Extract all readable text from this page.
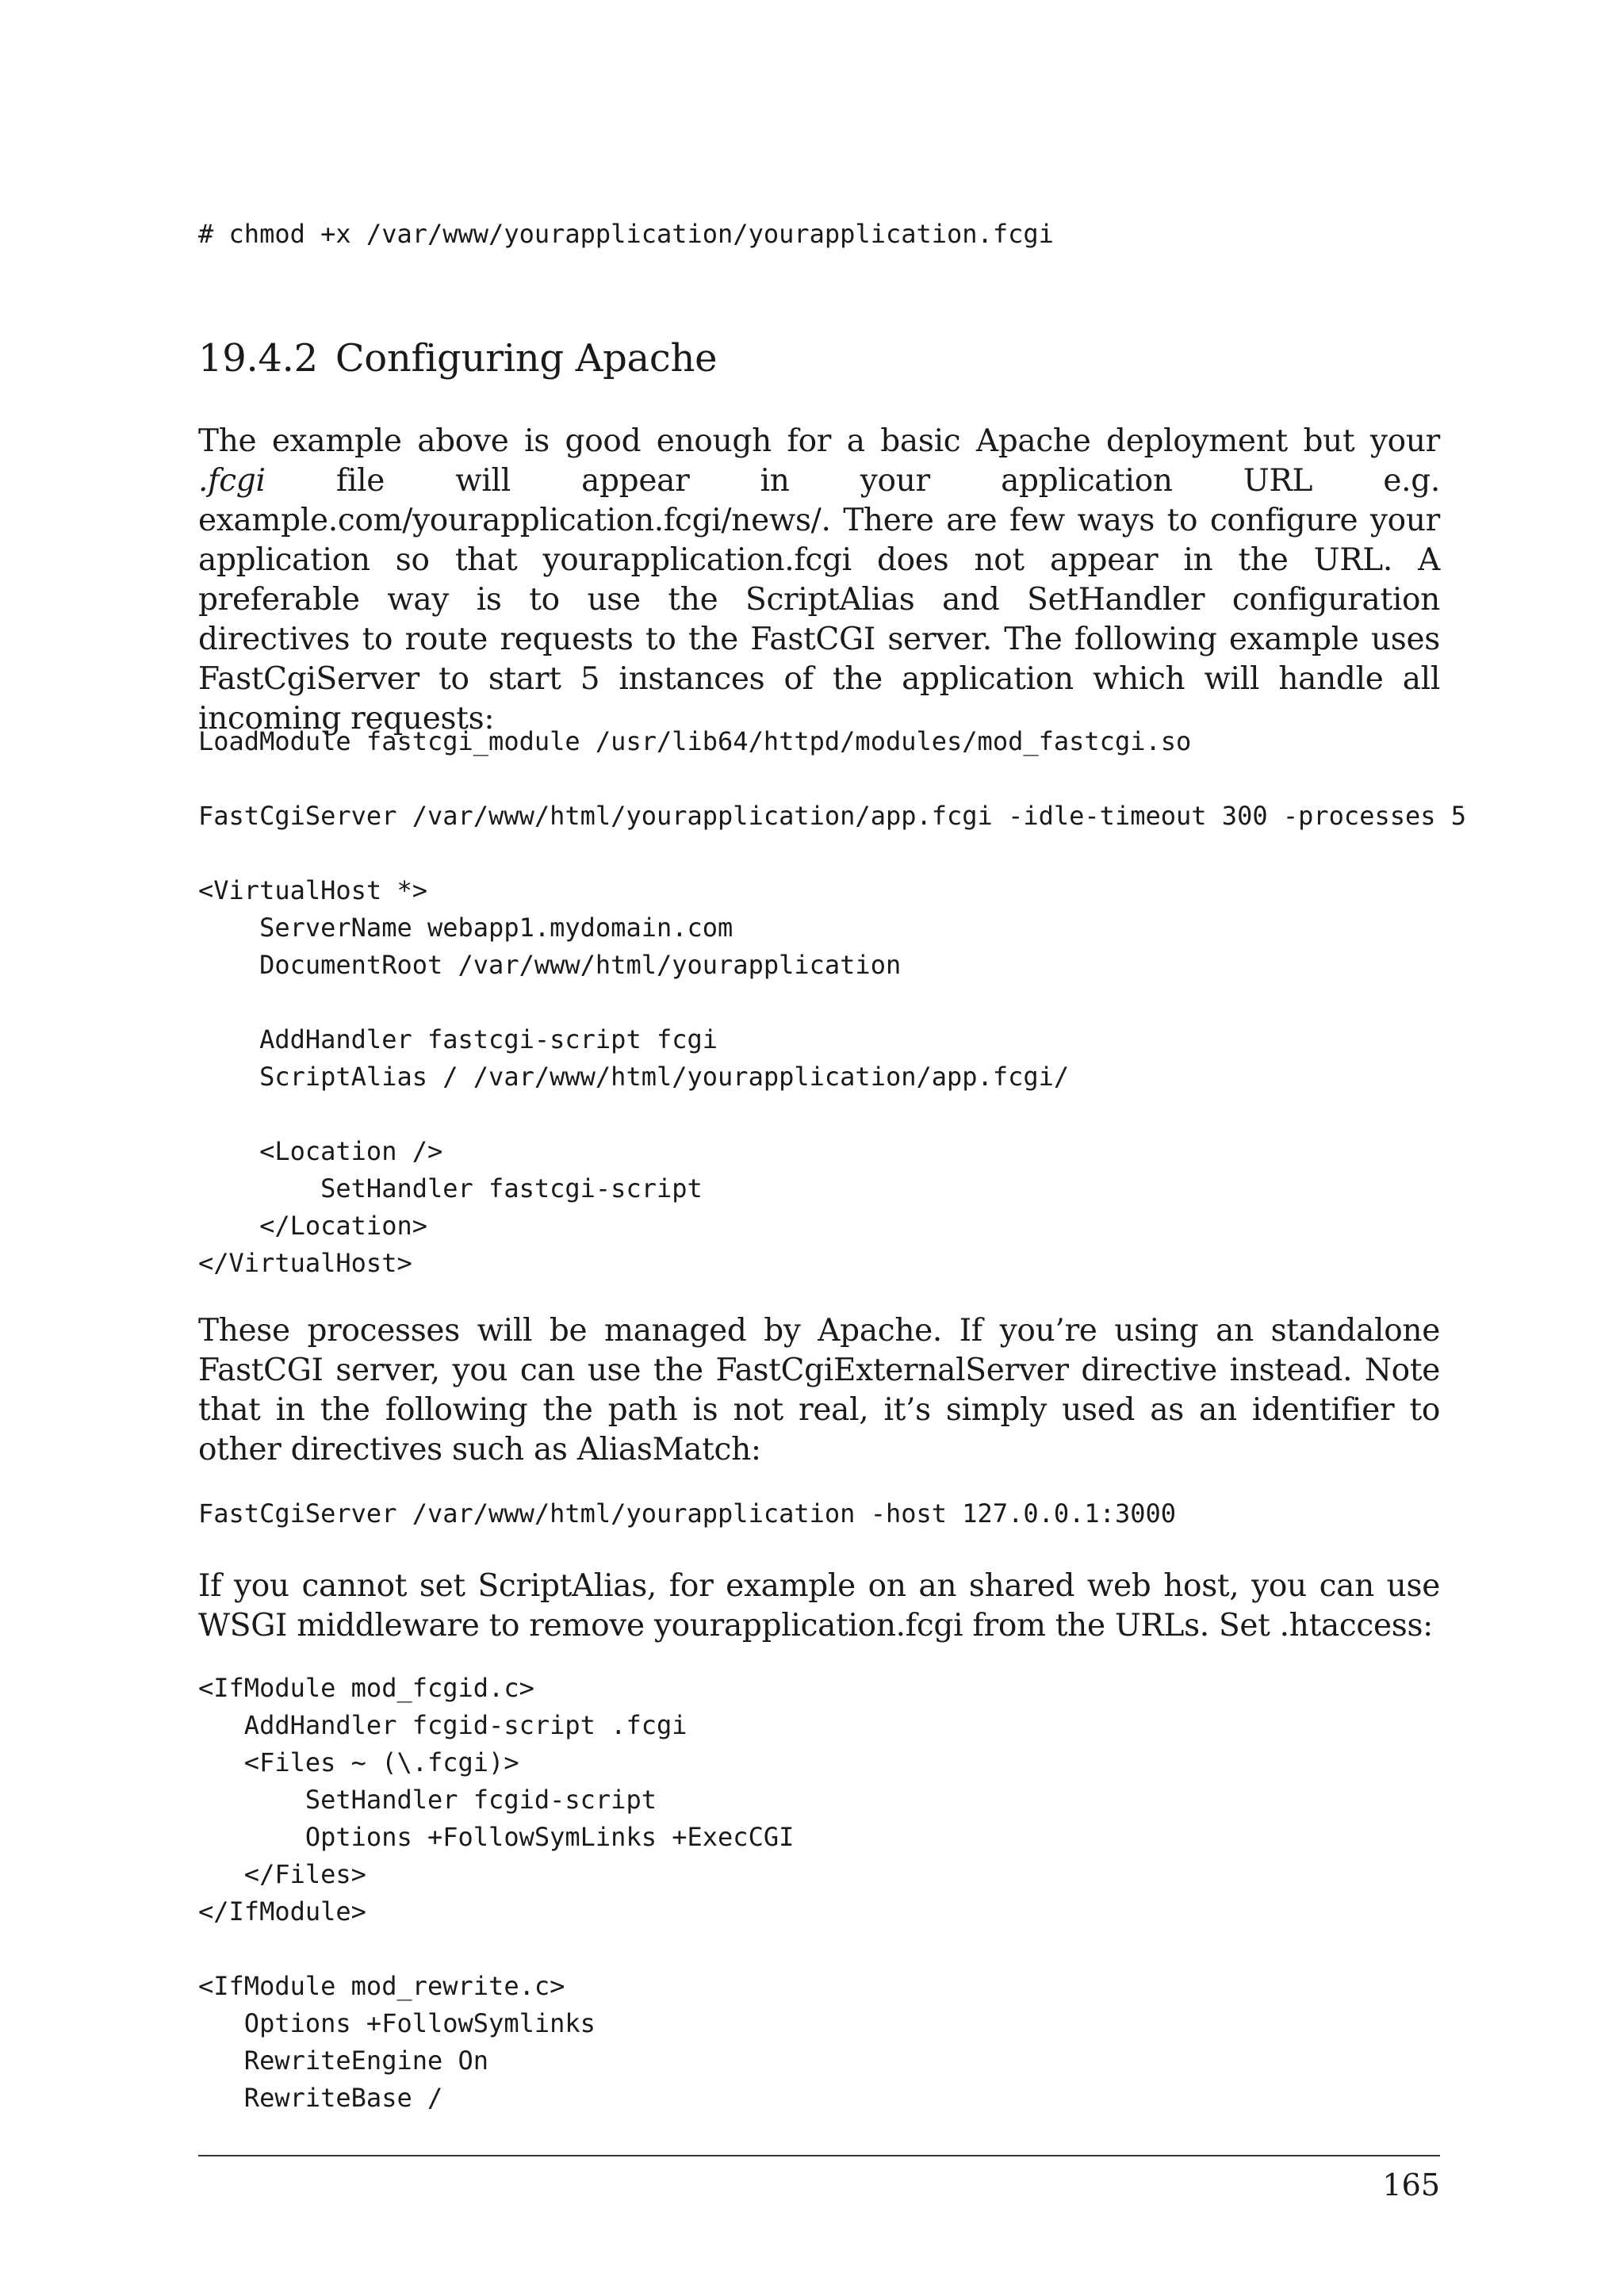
# chmod +x /var/www/yourapplication/yourapplication.fcgi
19.4.2 Configuring Apache

The example above is good enough for a basic Apache deployment but your .fcgi file will appear in your application URL e.g. example.com/yourapplication.fcgi/news/. There are few ways to configure your application so that yourapplication.fcgi does not appear in the URL. A preferable way is to use the ScriptAlias and SetHandler configuration directives to route requests to the FastCGI server. The following example uses FastCgiServer to start 5 instances of the application which will handle all incoming requests:

LoadModule fastcgi_module /usr/lib64/httpd/modules/mod_fastcgi.so

FastCgiServer /var/www/html/yourapplication/app.fcgi -idle-timeout 300 -processes 5

<VirtualHost *>
ServerName webapp1.mydomain.com
DocumentRoot /var/www/html/yourapplication

AddHandler fastcgi-script fcgi
ScriptAlias / /var/www/html/yourapplication/app.fcgi/

<Location />
SetHandler fastcgi-script
</Location>
</VirtualHost>

These processes will be managed by Apache. If you’re using an standalone FastCGI server, you can use the FastCgiExternalServer directive instead. Note that in the following the path is not real, it’s simply used as an identifier to other directives such as AliasMatch:

FastCgiServer /var/www/html/yourapplication -host 127.0.0.1:3000

If you cannot set ScriptAlias, for example on an shared web host, you can use WSGI middleware to remove yourapplication.fcgi from the URLs. Set .htaccess:

<IfModule mod_fcgid.c>
AddHandler fcgid-script .fcgi
<Files ~ (\.fcgi)>
SetHandler fcgid-script
Options +FollowSymLinks +ExecCGI
</Files>
</IfModule>

<IfModule mod_rewrite.c>
Options +FollowSymlinks
RewriteEngine On
RewriteBase /
165
